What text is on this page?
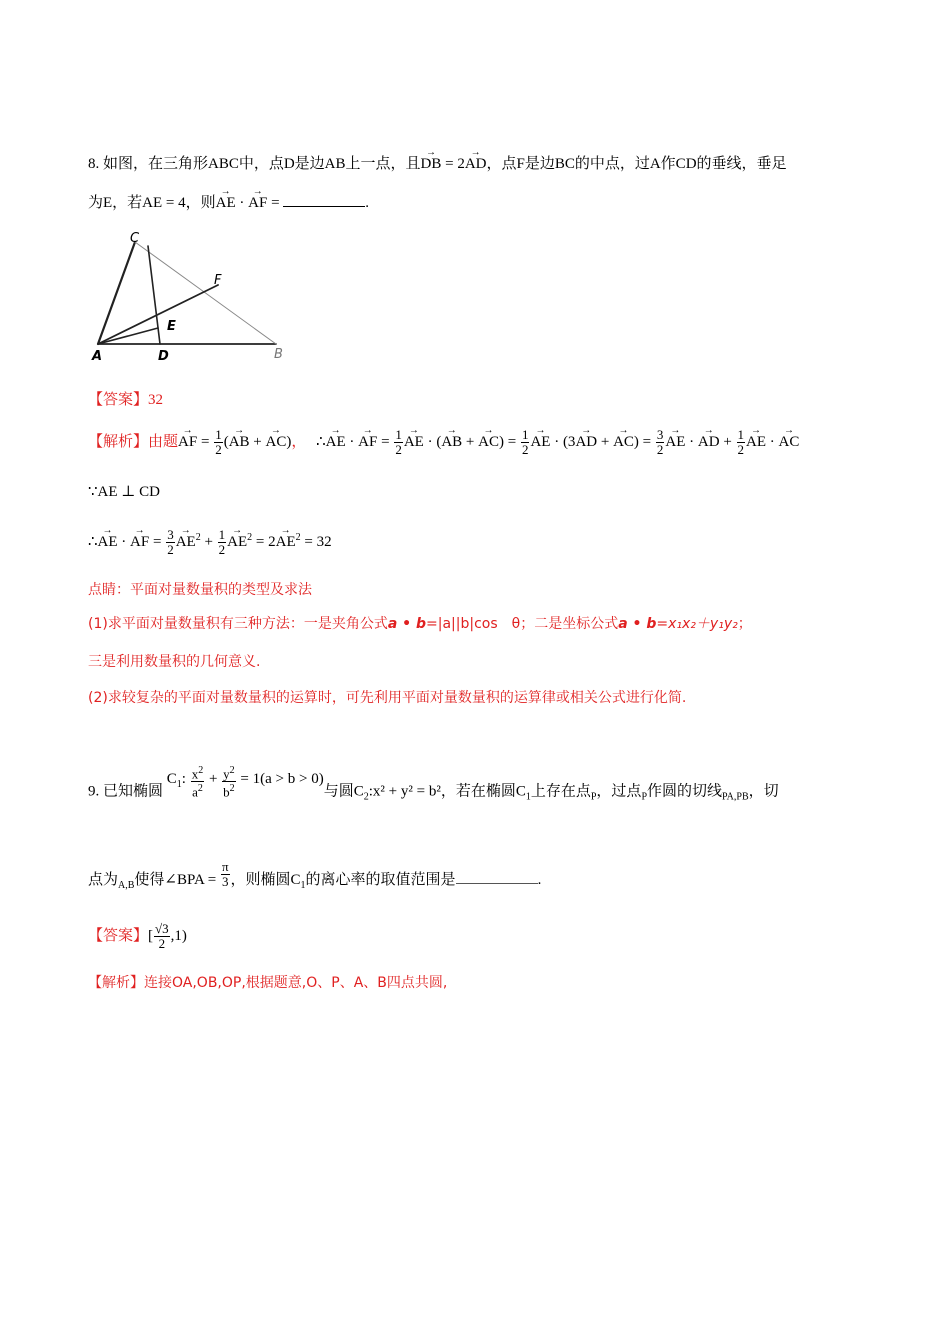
8. 如图，在三角形ABC中，点D是边AB上一点，且→ DB = 2→ AD，点F是边BC的中点，过A作CD的垂线，垂足
为E，若AE = 4，则→ AE · → AF =	.
C
F
E
A	D	B
【答案】32
【解析】由题→ AF = $\frac{1}{2}$ (→ AB + → AC)， ∴→ AE · → AF = $\frac{1}{2}$
→ AE · (→ AB + → $AC) = \frac{1}{2}$
→ AE · (3→ AD + → $AC) = \frac{3}{2}$
→ AE · → AD + $\frac{1}{2}$
→ AE · → AC
∵AE ⊥ CD
∴→ AE · → AF = $\frac{3}{2}$
→ $AE^2 + \frac{1}{2}$
→ $AE^2 = 2\to AE^2 = 32$
点睛：平面对量数量积的类型及求法
(1)求平面对量数量积有三种方法：一是夹角公式a • b=|a||b|cos　θ；二是坐标公式a • b=x₁x₂＋y₁y₂；
三是利用数量积的几何意义.
(2)求较复杂的平面对量数量积的运算时，可先利用平面对量数量积的运算律或相关公式进行化简.
9. 已知椭圆 $C_1$: $\frac{x^2}{a^2} + \frac{y^2}{b^2} = 1(a > b > 0)$与圆$C_2:x^2 + y^2 = b^2$，若在椭圆$C_1$上存在点$_P$，过点$_P$作圆的切线$_{PA,PB}$，切
点为$_{A,B}$使得∠BPA = $\frac{\pi}{3}$ ，则椭圆$C_1$的离心率的取值范围是	.
【答案】[ $\frac{√3}{2} ,1$)
【解析】连接OA,OB,OP,根据题意,O、P、A、B四点共圆,
